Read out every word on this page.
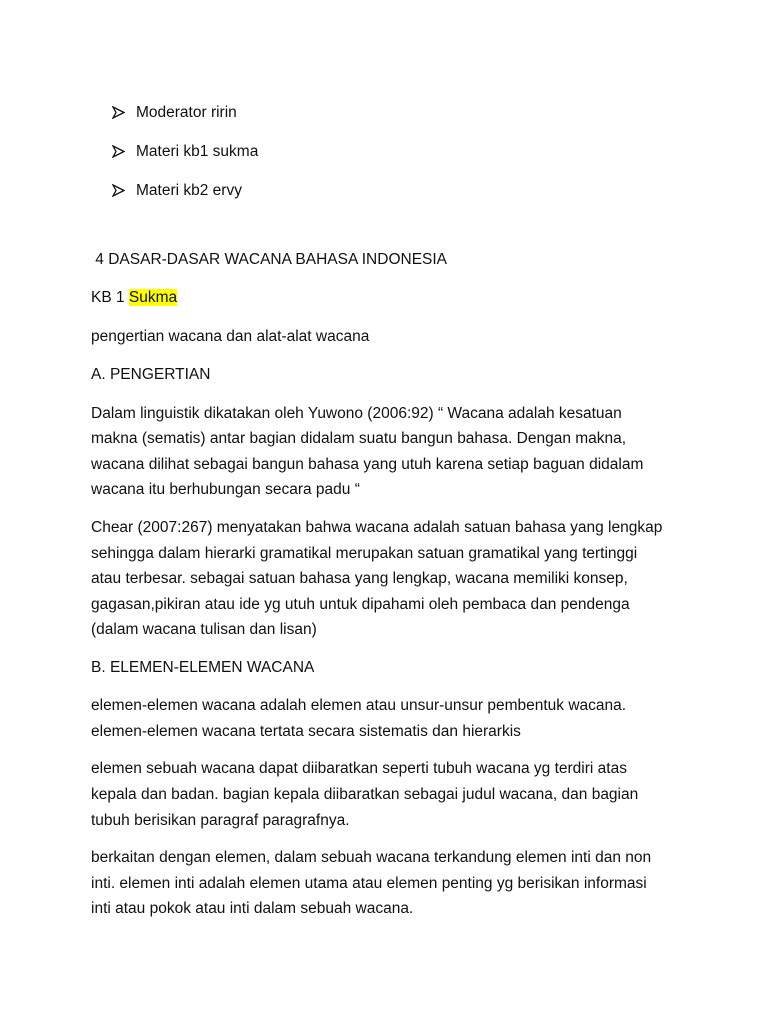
Moderator ririn
Materi kb1 sukma
Materi kb2 ervy
4 DASAR-DASAR WACANA BAHASA INDONESIA
KB 1 Sukma
pengertian wacana dan alat-alat wacana
A. PENGERTIAN
Dalam linguistik dikatakan oleh Yuwono (2006:92) “ Wacana adalah kesatuan
makna (sematis) antar bagian didalam suatu bangun bahasa. Dengan makna,
wacana dilihat sebagai bangun bahasa yang utuh karena setiap baguan didalam
wacana itu berhubungan secara padu “
Chear (2007:267) menyatakan bahwa wacana adalah satuan bahasa yang lengkap
sehingga dalam hierarki gramatikal merupakan satuan gramatikal yang tertinggi
atau terbesar. sebagai satuan bahasa yang lengkap, wacana memiliki konsep,
gagasan,pikiran atau ide yg utuh untuk dipahami oleh pembaca dan pendenga
(dalam wacana tulisan dan lisan)
B. ELEMEN-ELEMEN WACANA
elemen-elemen wacana adalah elemen atau unsur-unsur pembentuk wacana.
elemen-elemen wacana tertata secara sistematis dan hierarkis
elemen sebuah wacana dapat diibaratkan seperti tubuh wacana yg terdiri atas
kepala dan badan. bagian kepala diibaratkan sebagai judul wacana, dan bagian
tubuh berisikan paragraf paragrafnya.
berkaitan dengan elemen, dalam sebuah wacana terkandung elemen inti dan non
inti. elemen inti adalah elemen utama atau elemen penting yg berisikan informasi
inti atau pokok atau inti dalam sebuah wacana.
